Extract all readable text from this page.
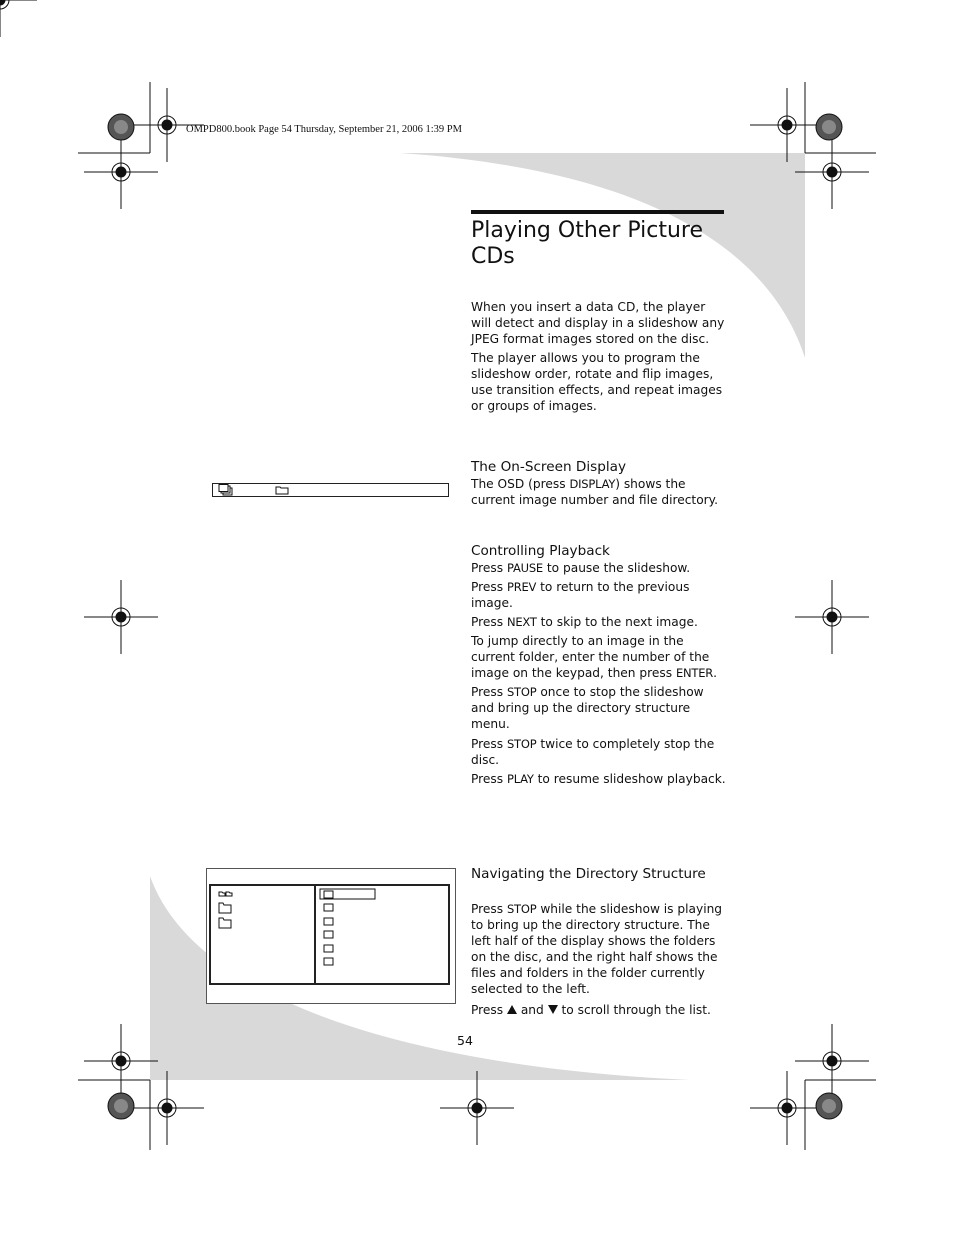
OMPD800.book Page 54 Thursday, September 21, 2006 1:39 PM
Playing Other Picture CDs

When you insert a data CD, the player will detect and display in a slideshow any JPEG format images stored on the disc.

The player allows you to program the slideshow order, rotate and flip images, use transition effects, and repeat images or groups of images.

The On-Screen Display

The OSD (press DISPLAY) shows the current image number and file directory.

Controlling Playback

Press PAUSE to pause the slideshow.

Press PREV to return to the previous image.

Press NEXT to skip to the next image.

To jump directly to an image in the current folder, enter the number of the image on the keypad, then press ENTER.

Press STOP once to stop the slideshow and bring up the directory structure menu.

Press STOP twice to completely stop the disc.

Press PLAY to resume slideshow playback.

Navigating the Directory Structure

Press STOP while the slideshow is playing to bring up the directory structure. The left half of the display shows the folders on the disc, and the right half shows the files and folders in the folder currently selected to the left.

Press  and  to scroll through the list.

54
